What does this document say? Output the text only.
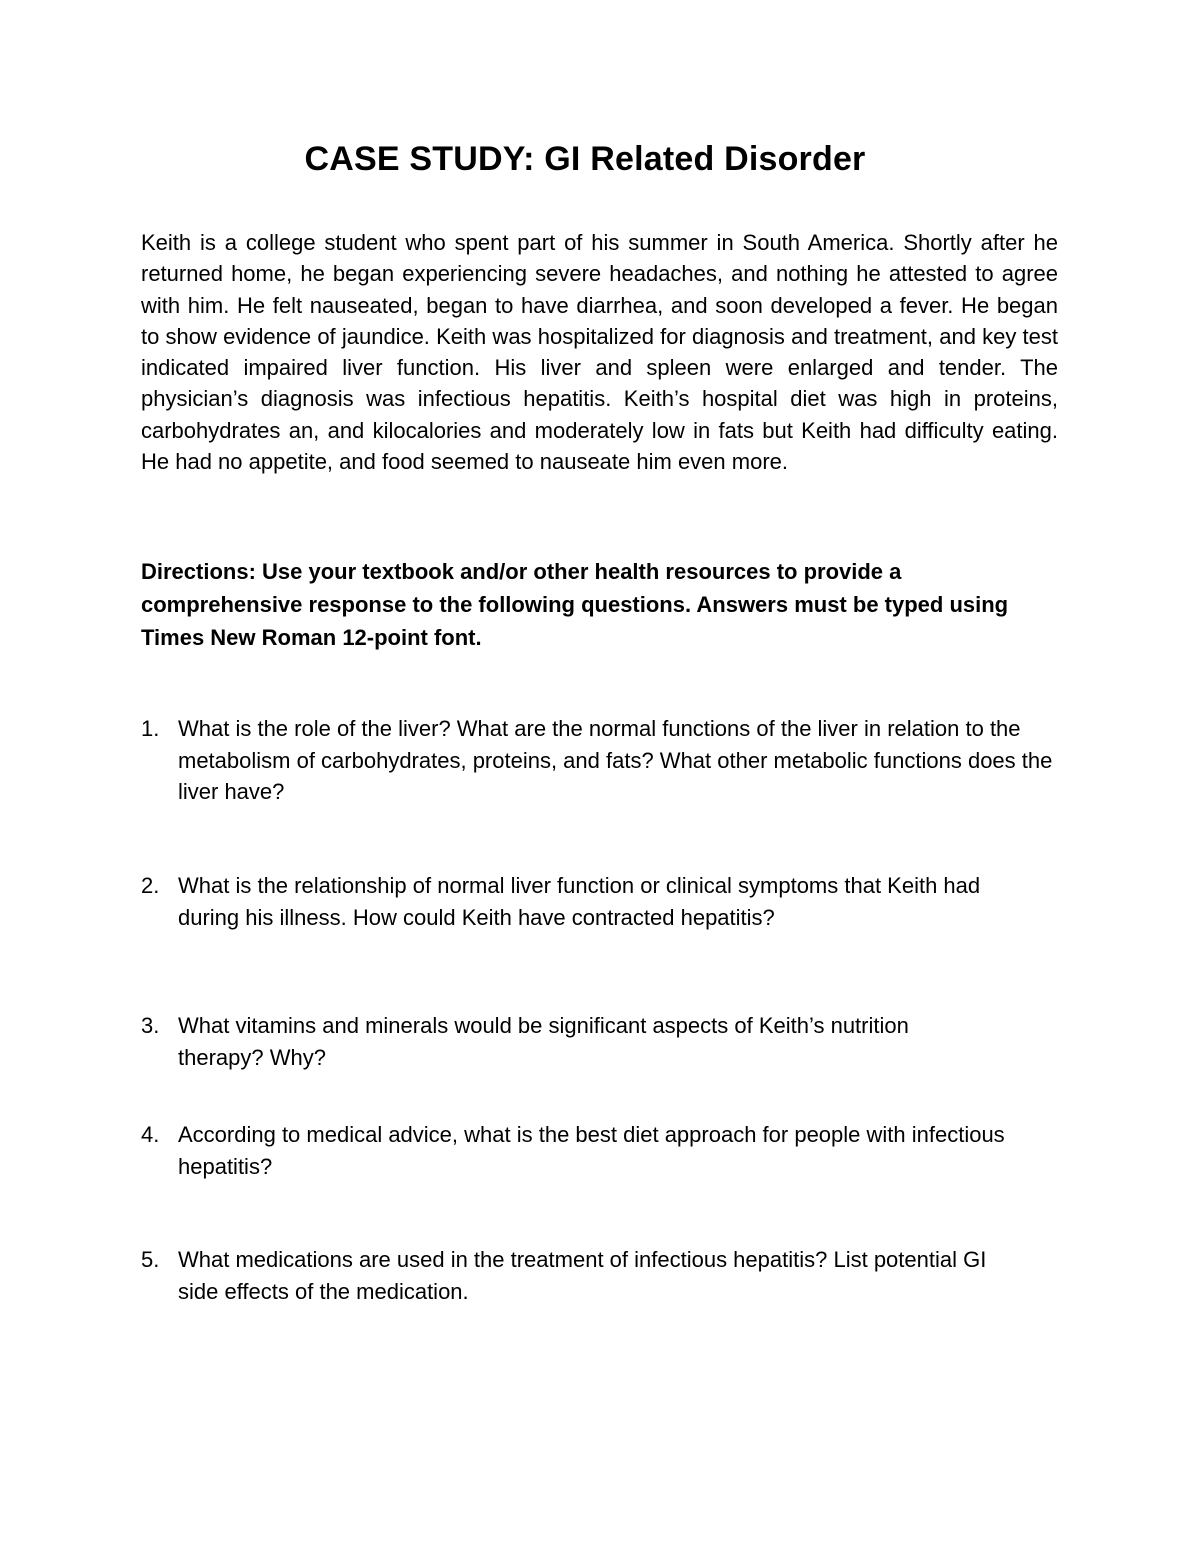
CASE STUDY: GI Related Disorder

Keith is a college student who spent part of his summer in South America. Shortly after he returned home, he began experiencing severe headaches, and nothing he attested to agree with him. He felt nauseated, began to have diarrhea, and soon developed a fever. He began to show evidence of jaundice. Keith was hospitalized for diagnosis and treatment, and key test indicated impaired liver function. His liver and spleen were enlarged and tender. The physician’s diagnosis was infectious hepatitis. Keith’s hospital diet was high in proteins, carbohydrates an, and kilocalories and moderately low in fats but Keith had difficulty eating. He had no appetite, and food seemed to nauseate him even more.

Directions: Use your textbook and/or other health resources to provide a comprehensive response to the following questions. Answers must be typed using Times New Roman 12-point font.

1. What is the role of the liver? What are the normal functions of the liver in relation to the metabolism of carbohydrates, proteins, and fats? What other metabolic functions does the liver have?
2. What is the relationship of normal liver function or clinical symptoms that Keith had during his illness. How could Keith have contracted hepatitis?
3. What vitamins and minerals would be significant aspects of Keith’s nutrition therapy? Why?
4. According to medical advice, what is the best diet approach for people with infectious hepatitis?
5. What medications are used in the treatment of infectious hepatitis? List potential GI side effects of the medication.
